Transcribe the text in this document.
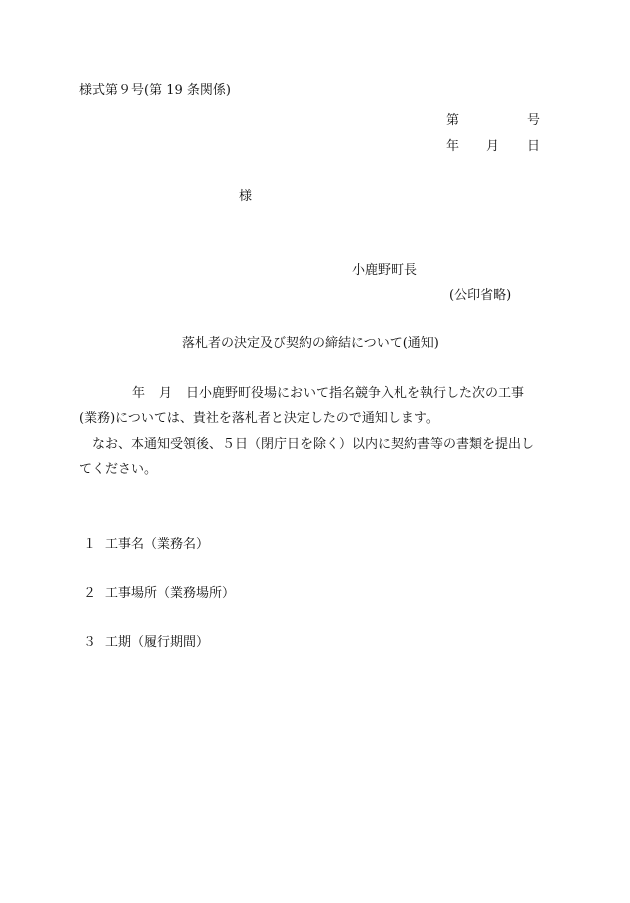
様式第９号(第 19 条関係)
第	号
年 月 日
様
小鹿野町長
(公印省略)
落札者の決定及び契約の締結について(通知)
年 月 日小鹿野町役場において指名競争入札を執行した次の工事
(業務)については、貴社を落札者と決定したので通知します。
なお、本通知受領後、５日（閉庁日を除く）以内に契約書等の書類を提出し
てください。
１ 工事名（業務名）
２ 工事場所（業務場所）
３ 工期（履行期間）
